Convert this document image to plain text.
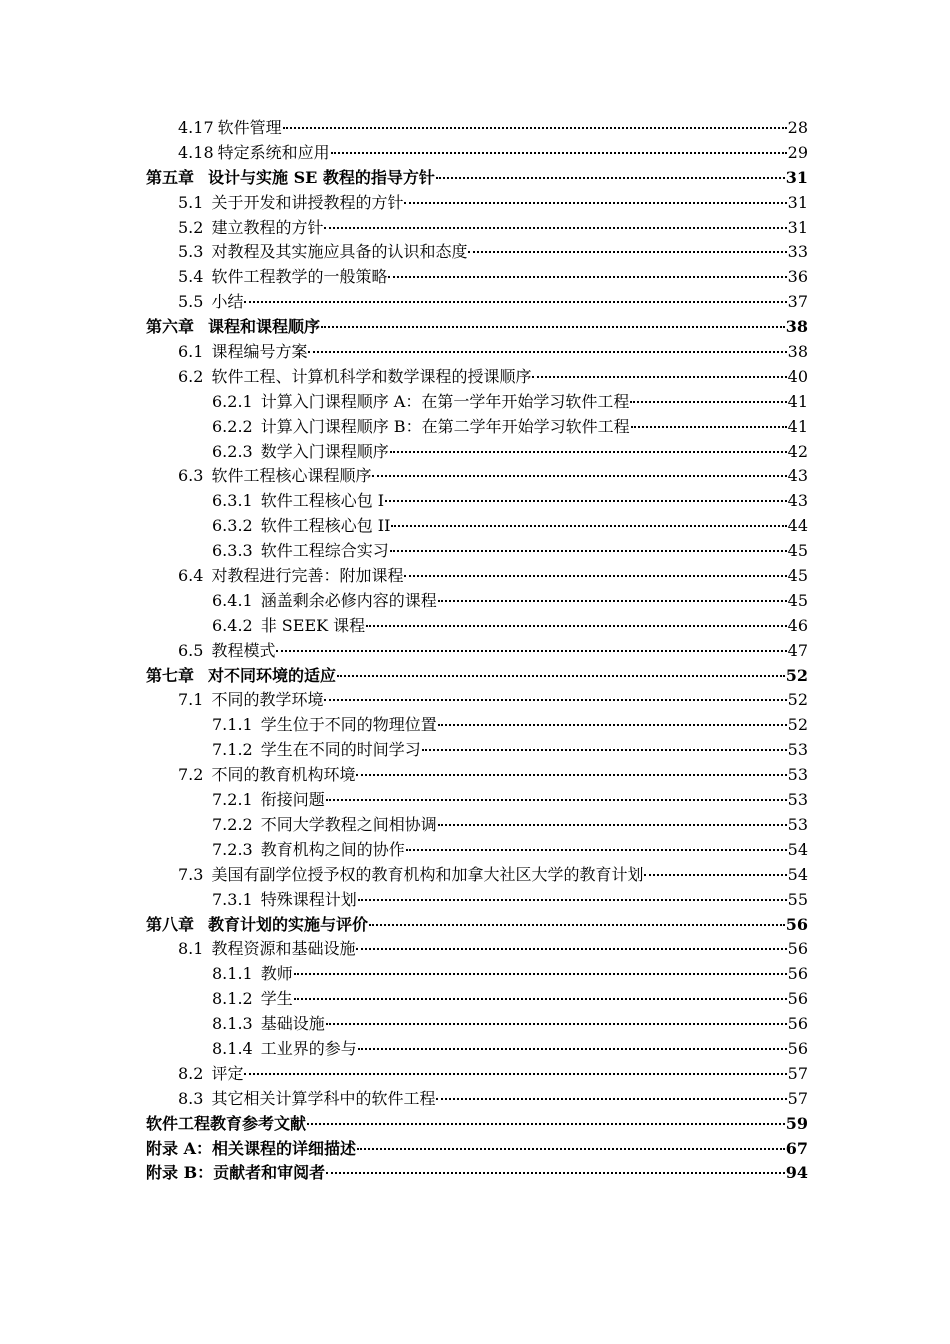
4.17 软件管理	28
4.18 特定系统和应用	29
第五章 设计与实施 SE 教程的指导方针	31
5.1 关于开发和讲授教程的方针	31
5.2 建立教程的方针	31
5.3 对教程及其实施应具备的认识和态度	33
5.4 软件工程教学的一般策略	36
5.5 小结	37
第六章 课程和课程顺序	38
6.1 课程编号方案	38
6.2 软件工程、计算机科学和数学课程的授课顺序	40
6.2.1 计算入门课程顺序 A：在第一学年开始学习软件工程	41
6.2.2 计算入门课程顺序 B：在第二学年开始学习软件工程	41
6.2.3 数学入门课程顺序	42
6.3 软件工程核心课程顺序	43
6.3.1 软件工程核心包 I	43
6.3.2 软件工程核心包 II	44
6.3.3 软件工程综合实习	45
6.4 对教程进行完善：附加课程	45
6.4.1 涵盖剩余必修内容的课程	45
6.4.2 非 SEEK 课程	46
6.5 教程模式	47
第七章 对不同环境的适应	52
7.1 不同的教学环境	52
7.1.1 学生位于不同的物理位置	52
7.1.2 学生在不同的时间学习	53
7.2 不同的教育机构环境	53
7.2.1 衔接问题	53
7.2.2 不同大学教程之间相协调	53
7.2.3 教育机构之间的协作	54
7.3 美国有副学位授予权的教育机构和加拿大社区大学的教育计划	54
7.3.1 特殊课程计划	55
第八章 教育计划的实施与评价	56
8.1 教程资源和基础设施	56
8.1.1 教师	56
8.1.2 学生	56
8.1.3 基础设施	56
8.1.4 工业界的参与	56
8.2 评定	57
8.3 其它相关计算学科中的软件工程	57
软件工程教育参考文献	59
附录 A：相关课程的详细描述	67
附录 B：贡献者和审阅者	94
